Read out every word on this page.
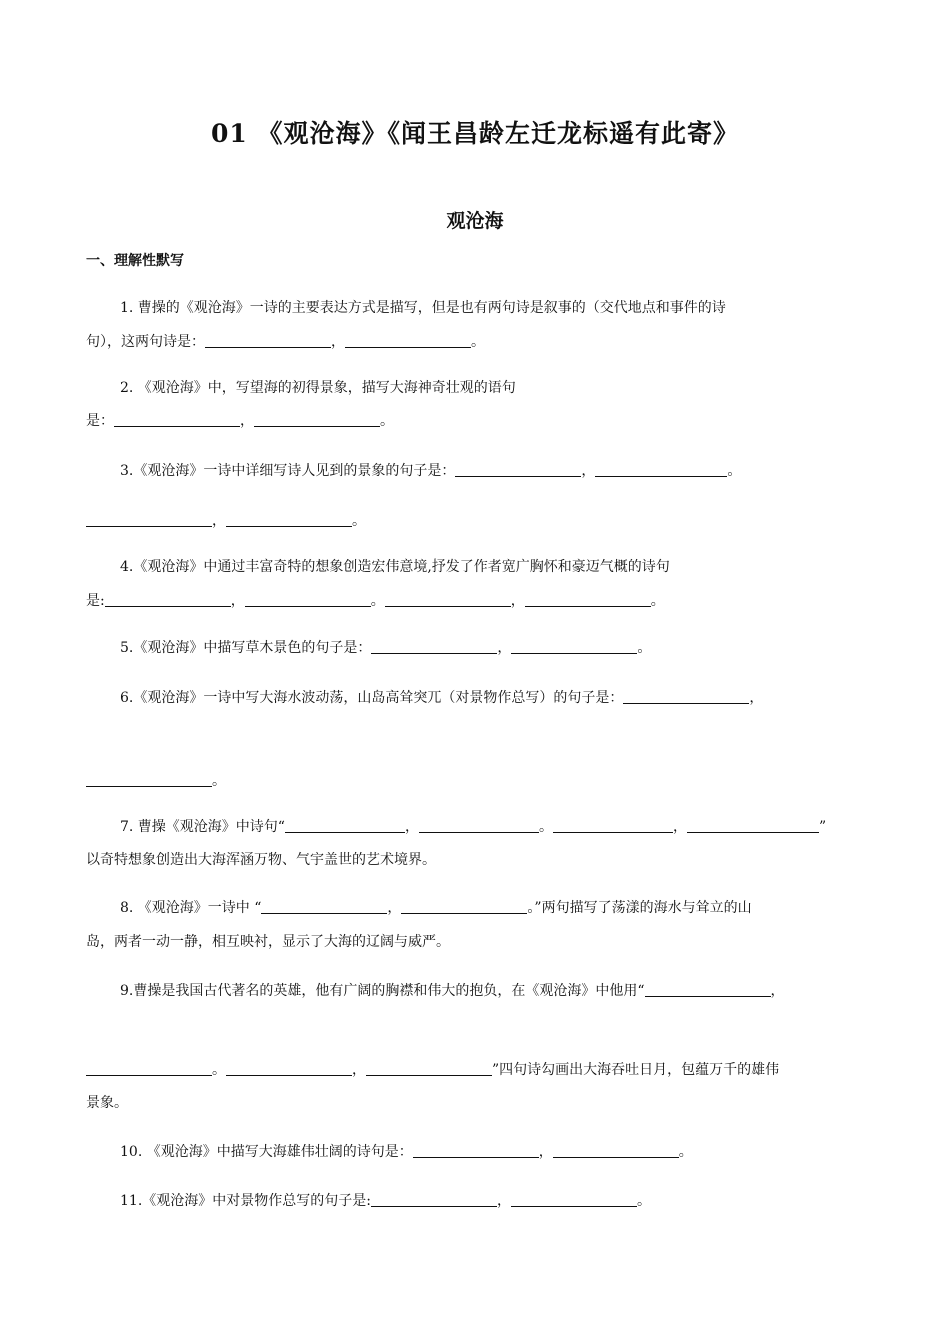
01 《观沧海》《闻王昌龄左迁龙标遥有此寄》
观沧海
一、理解性默写
1. 曹操的《观沧海》一诗的主要表达方式是描写，但是也有两句诗是叙事的（交代地点和事件的诗
句），这两句诗是：	，	。
2. 《观沧海》中，写望海的初得景象，描写大海神奇壮观的语句
是：	，	。
3.《观沧海》一诗中详细写诗人见到的景象的句子是：	，	。
，	。
4.《观沧海》中通过丰富奇特的想象创造宏伟意境,抒发了作者宽广胸怀和豪迈气概的诗句
是:	，	。	，	。
5.《观沧海》中描写草木景色的句子是：	，	。
6.《观沧海》一诗中写大海水波动荡，山岛高耸突兀（对景物作总写）的句子是：	，
。
7. 曹操《观沧海》中诗句“	，	。	，	”
以奇特想象创造出大海浑涵万物、气宇盖世的艺术境界。
8. 《观沧海》一诗中 “	，	。”两句描写了荡漾的海水与耸立的山
岛，两者一动一静，相互映衬，显示了大海的辽阔与威严。
9.曹操是我国古代著名的英雄，他有广阔的胸襟和伟大的抱负，在《观沧海》中他用“	，
。	，	”四句诗勾画出大海吞吐日月，包蕴万千的雄伟
景象。
10. 《观沧海》中描写大海雄伟壮阔的诗句是：	，	。
11.《观沧海》中对景物作总写的句子是:	，	。
